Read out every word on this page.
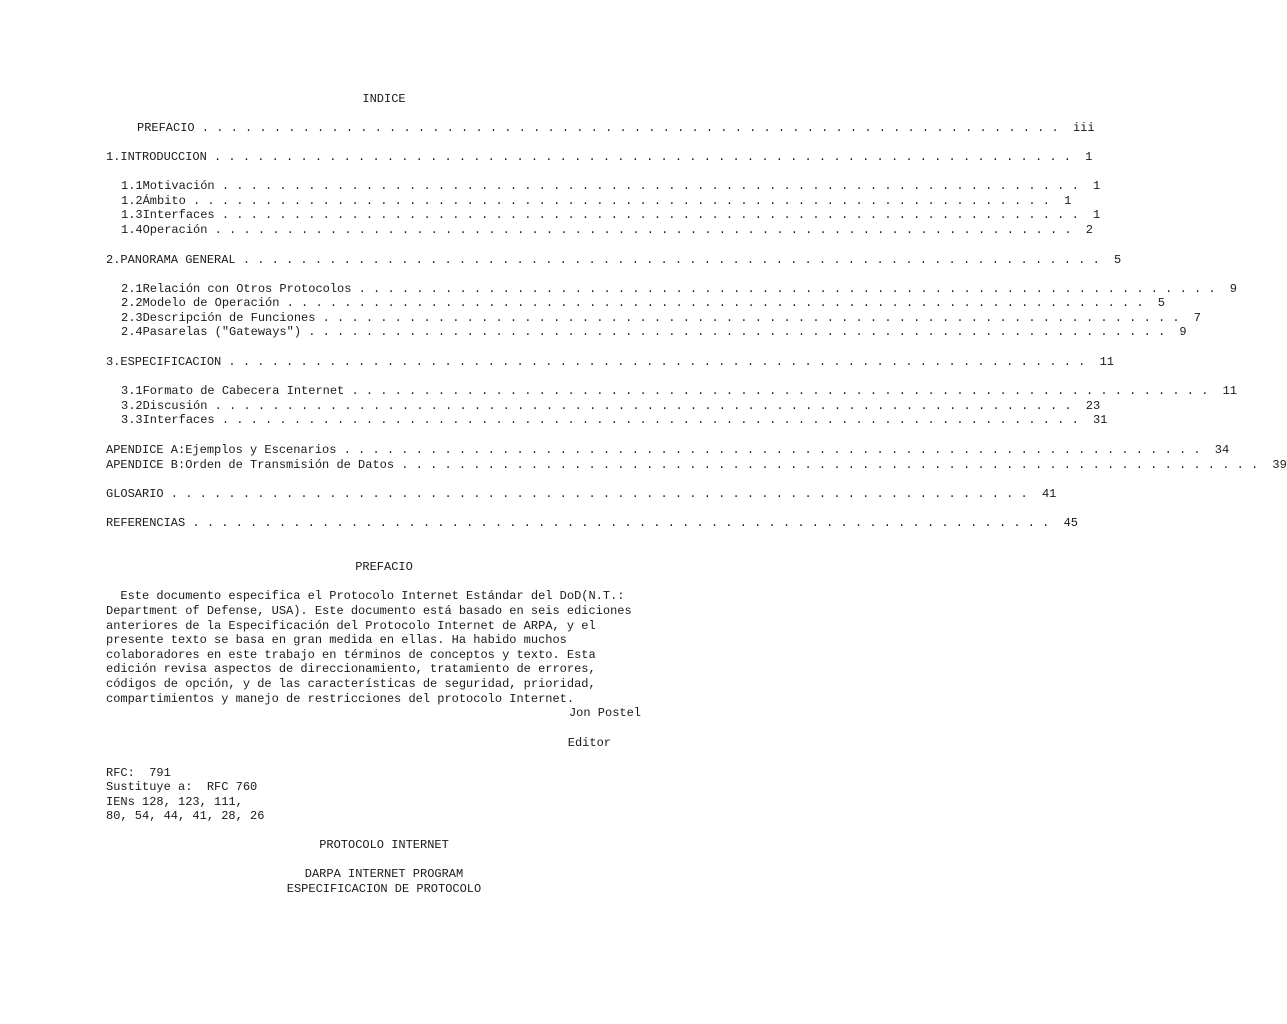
INDICE
PREFACIO . . . . . . . . . . . . . . . . . . . . . . . . . . . . . . . . . . . . . . . . . . . . . . . . . . . . . . . . . . . . iii
1. INTRODUCCION . . . . . . . . . . . . . . . . . . . . . . . . . . . . . . . . . . . . . . . . . . . . . . . . . . . . . . . . . . . . 1
1.1 Motivación . . . . . . . . . . . . . . . . . . . . . . . . . . . . . . . . . . . . . . . . . . . . . . . . . . . . . . . . . . . . 1
1.2 Ámbito . . . . . . . . . . . . . . . . . . . . . . . . . . . . . . . . . . . . . . . . . . . . . . . . . . . . . . . . . . . . 1
1.3 Interfaces . . . . . . . . . . . . . . . . . . . . . . . . . . . . . . . . . . . . . . . . . . . . . . . . . . . . . . . . . . . . 1
1.4 Operación . . . . . . . . . . . . . . . . . . . . . . . . . . . . . . . . . . . . . . . . . . . . . . . . . . . . . . . . . . . . 2
2. PANORAMA GENERAL . . . . . . . . . . . . . . . . . . . . . . . . . . . . . . . . . . . . . . . . . . . . . . . . . . . . . . . . . . . . 5
2.1 Relación con Otros Protocolos . . . . . . . . . . . . . . . . . . . . . . . . . . . . . . . . . . . . . . . . . . . . . . . . . . . . . . . . . . . . 9
2.2 Modelo de Operación . . . . . . . . . . . . . . . . . . . . . . . . . . . . . . . . . . . . . . . . . . . . . . . . . . . . . . . . . . . . 5
2.3 Descripción de Funciones . . . . . . . . . . . . . . . . . . . . . . . . . . . . . . . . . . . . . . . . . . . . . . . . . . . . . . . . . . . . 7
2.4 Pasarelas ("Gateways") . . . . . . . . . . . . . . . . . . . . . . . . . . . . . . . . . . . . . . . . . . . . . . . . . . . . . . . . . . . . 9
3. ESPECIFICACION . . . . . . . . . . . . . . . . . . . . . . . . . . . . . . . . . . . . . . . . . . . . . . . . . . . . . . . . . . . . 11
3.1 Formato de Cabecera Internet . . . . . . . . . . . . . . . . . . . . . . . . . . . . . . . . . . . . . . . . . . . . . . . . . . . . . . . . . . . . 11
3.2 Discusión . . . . . . . . . . . . . . . . . . . . . . . . . . . . . . . . . . . . . . . . . . . . . . . . . . . . . . . . . . . . 23
3.3 Interfaces . . . . . . . . . . . . . . . . . . . . . . . . . . . . . . . . . . . . . . . . . . . . . . . . . . . . . . . . . . . . 31
APENDICE A: Ejemplos y Escenarios . . . . . . . . . . . . . . . . . . . . . . . . . . . . . . . . . . . . . . . . . . . . . . . . . . . . . . . . . . . . 34
APENDICE B: Orden de Transmisión de Datos . . . . . . . . . . . . . . . . . . . . . . . . . . . . . . . . . . . . . . . . . . . . . . . . . . . . . . . . . . . . 39
GLOSARIO . . . . . . . . . . . . . . . . . . . . . . . . . . . . . . . . . . . . . . . . . . . . . . . . . . . . . . . . . . . . 41
REFERENCIAS . . . . . . . . . . . . . . . . . . . . . . . . . . . . . . . . . . . . . . . . . . . . . . . . . . . . . . . . . . . . 45
PREFACIO
Este documento especifica el Protocolo Internet Estándar del DoD(N.T.:
Department of Defense, USA). Este documento está basado en seis ediciones
anteriores de la Especificación del Protocolo Internet de ARPA, y el
presente texto se basa en gran medida en ellas. Ha habido muchos
colaboradores en este trabajo en términos de conceptos y texto. Esta
edición revisa aspectos de direccionamiento, tratamiento de errores,
códigos de opción, y de las características de seguridad, prioridad,
compartimientos y manejo de restricciones del protocolo Internet.
Jon Postel
Editor
RFC:  791
Sustituye a:  RFC 760
IENs 128, 123, 111,
80, 54, 44, 41, 28, 26
PROTOCOLO INTERNET
DARPA INTERNET PROGRAM
ESPECIFICACION DE PROTOCOLO
